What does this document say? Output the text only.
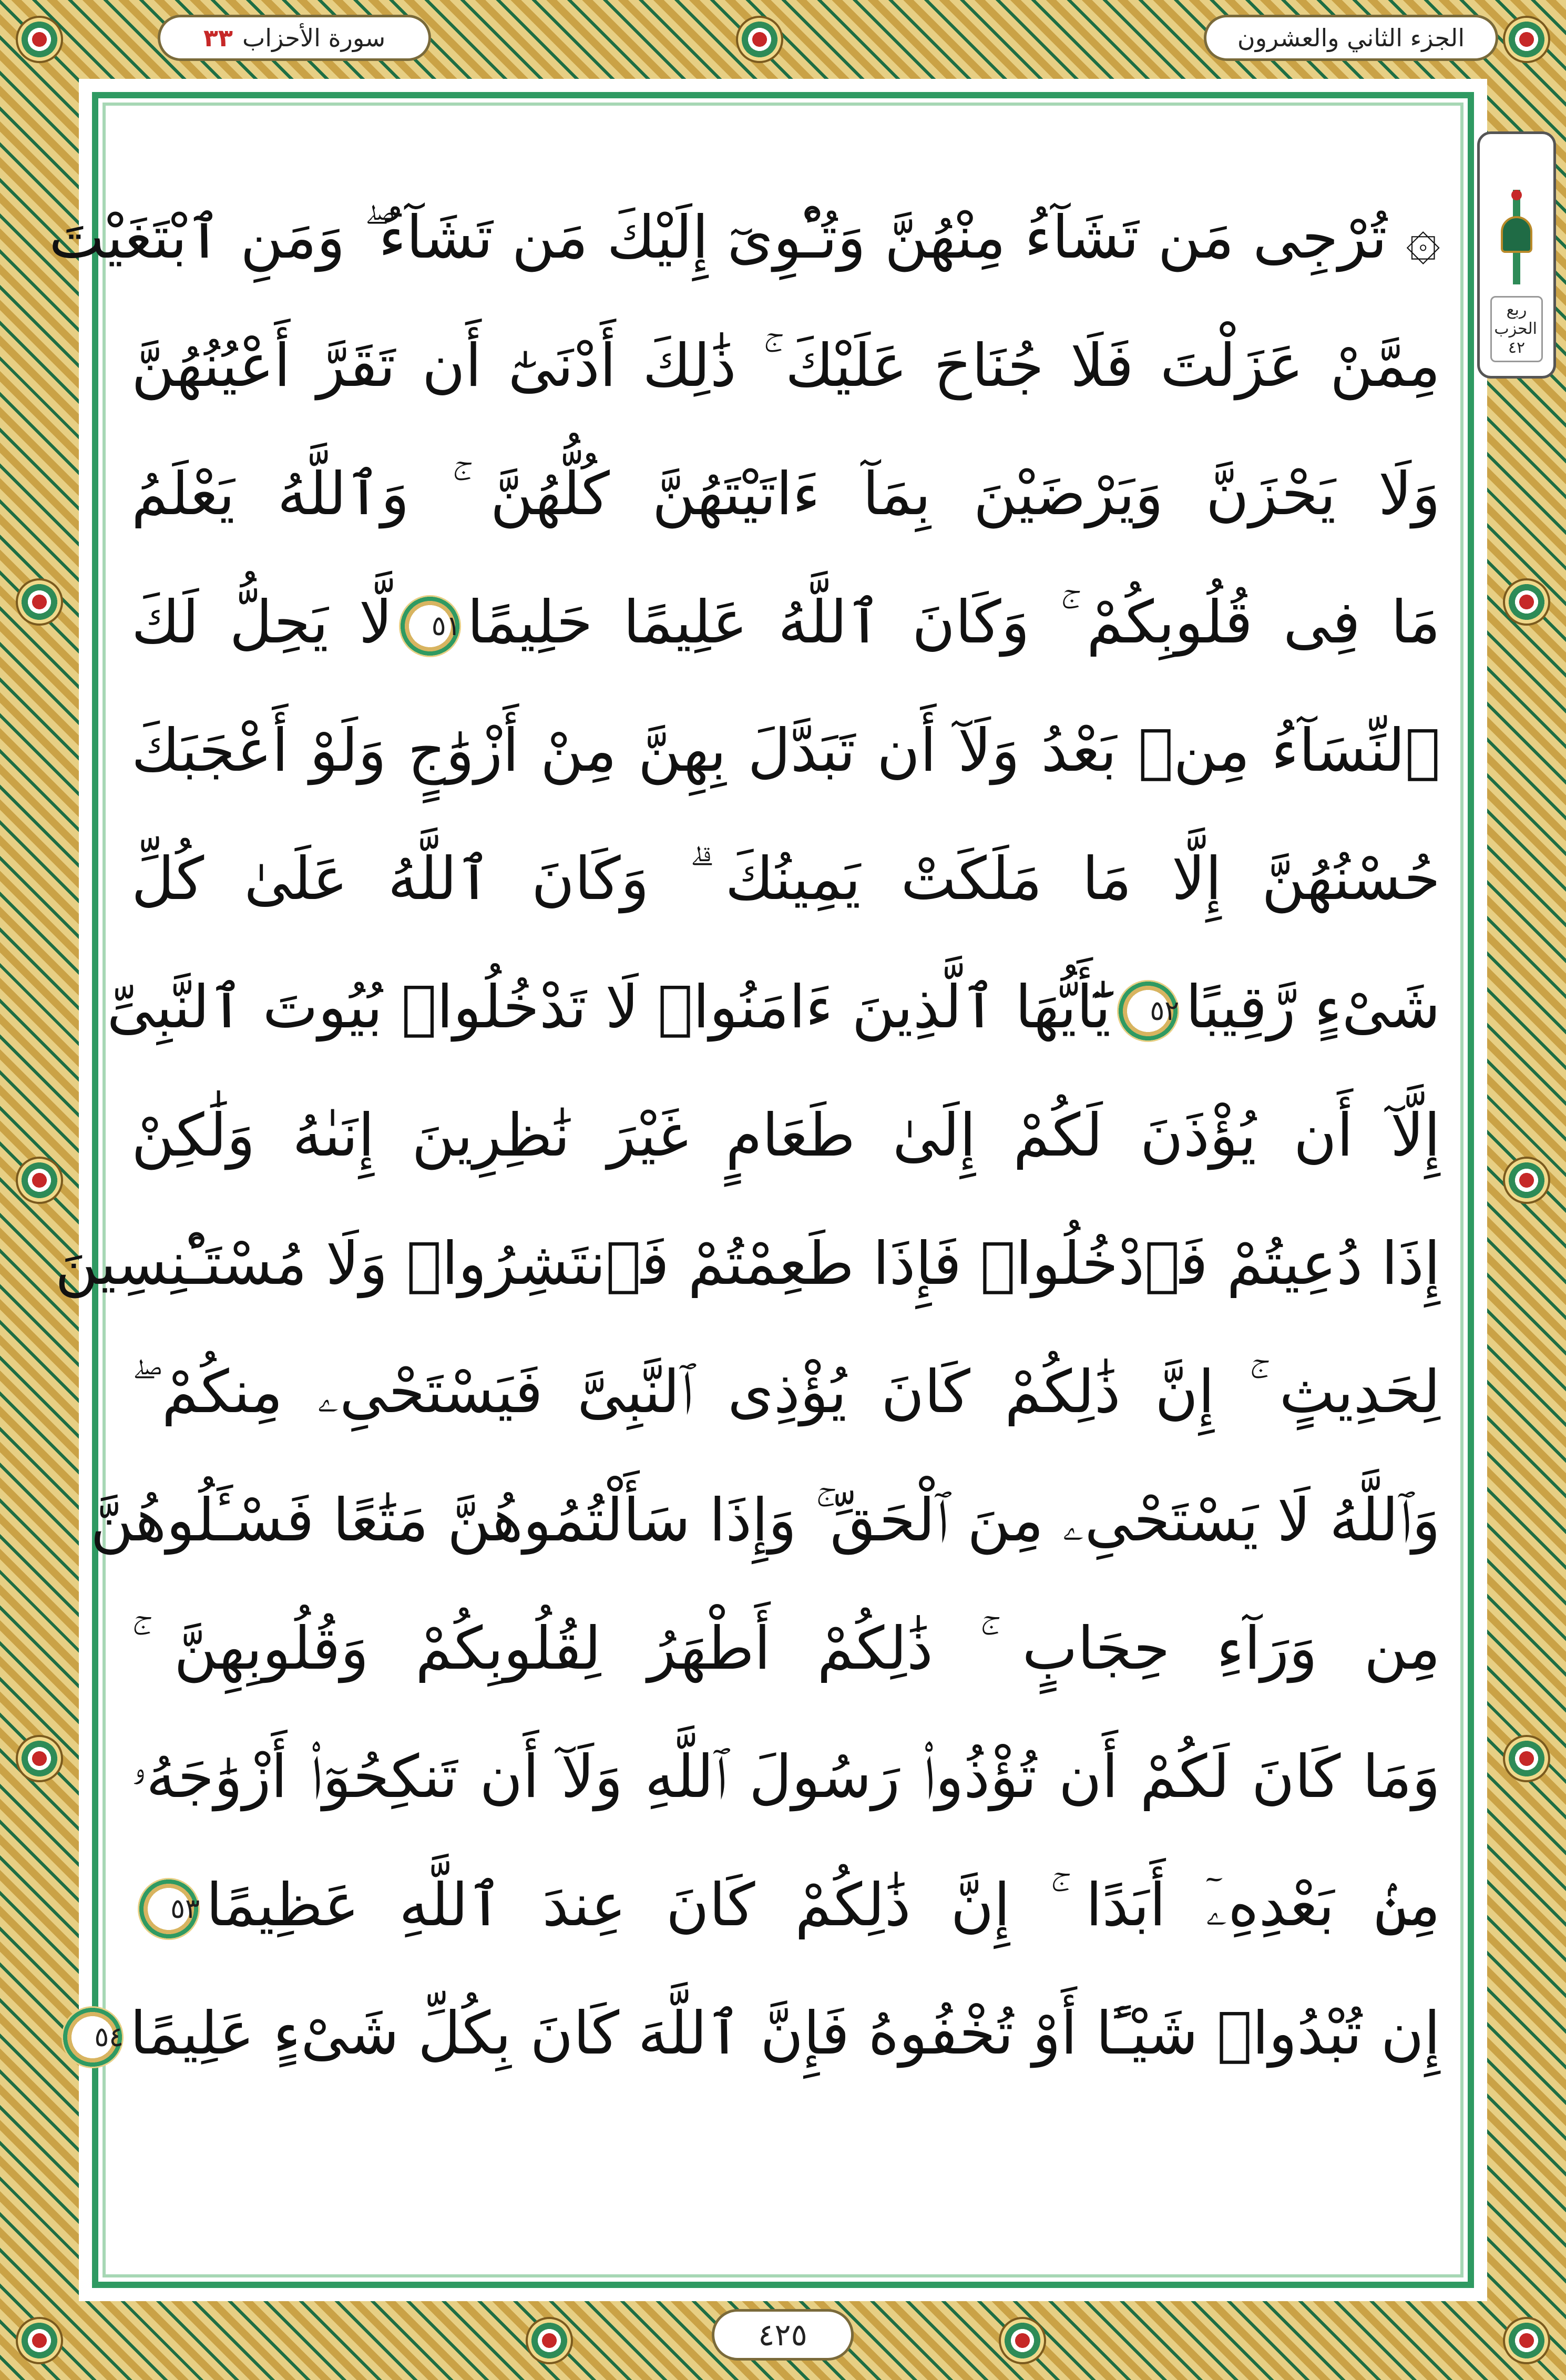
سورة الأحزاب
٣٣	الجزء الثاني والعشرون
ربع الحزب ٤٢
۞ تُرْجِى مَن تَشَآءُ مِنْهُنَّ وَتُـْٔوِىٓ إِلَيْكَ مَن تَشَآءُ ۖ وَمَنِ ٱبْتَغَيْتَ
مِمَّنْ عَزَلْتَ فَلَا جُنَاحَ عَلَيْكَ ۚ ذَٰلِكَ أَدْنَىٰٓ أَن تَقَرَّ أَعْيُنُهُنَّ
وَلَا يَحْزَنَّ وَيَرْضَيْنَ بِمَآ ءَاتَيْتَهُنَّ كُلُّهُنَّ ۚ وَٱللَّهُ يَعْلَمُ
مَا فِى قُلُوبِكُمْ ۚ وَكَانَ ٱللَّهُ عَلِيمًا حَلِيمًا٥١لَّا يَحِلُّ لَكَ
ٱلنِّسَآءُ مِنۢ بَعْدُ وَلَآ أَن تَبَدَّلَ بِهِنَّ مِنْ أَزْوَٰجٍ وَلَوْ أَعْجَبَكَ
حُسْنُهُنَّ إِلَّا مَا مَلَكَتْ يَمِينُكَ ۗ وَكَانَ ٱللَّهُ عَلَىٰ كُلِّ
شَىْءٍ رَّقِيبًا٥٢يَٰٓأَيُّهَا ٱلَّذِينَ ءَامَنُوا۟ لَا تَدْخُلُوا۟ بُيُوتَ ٱلنَّبِىِّ
إِلَّآ أَن يُؤْذَنَ لَكُمْ إِلَىٰ طَعَامٍ غَيْرَ نَٰظِرِينَ إِنَىٰهُ وَلَٰكِنْ
إِذَا دُعِيتُمْ فَٱدْخُلُوا۟ فَإِذَا طَعِمْتُمْ فَٱنتَشِرُوا۟ وَلَا مُسْتَـْٔنِسِينَ
لِحَدِيثٍ ۚ إِنَّ ذَٰلِكُمْ كَانَ يُؤْذِى ٱلنَّبِىَّ فَيَسْتَحْىِۦ مِنكُمْ ۖ
وَٱللَّهُ لَا يَسْتَحْىِۦ مِنَ ٱلْحَقِّ ۚ وَإِذَا سَأَلْتُمُوهُنَّ مَتَٰعًا فَسْـَٔلُوهُنَّ
مِن وَرَآءِ حِجَابٍ ۚ ذَٰلِكُمْ أَطْهَرُ لِقُلُوبِكُمْ وَقُلُوبِهِنَّ ۚ
وَمَا كَانَ لَكُمْ أَن تُؤْذُوا۟ رَسُولَ ٱللَّهِ وَلَآ أَن تَنكِحُوٓا۟ أَزْوَٰجَهُۥ
مِنۢ بَعْدِهِۦٓ أَبَدًا ۚ إِنَّ ذَٰلِكُمْ كَانَ عِندَ ٱللَّهِ عَظِيمًا٥٣
إِن تُبْدُوا۟ شَيْـًٔا أَوْ تُخْفُوهُ فَإِنَّ ٱللَّهَ كَانَ بِكُلِّ شَىْءٍ عَلِيمًا٥٤
٤٢٥
